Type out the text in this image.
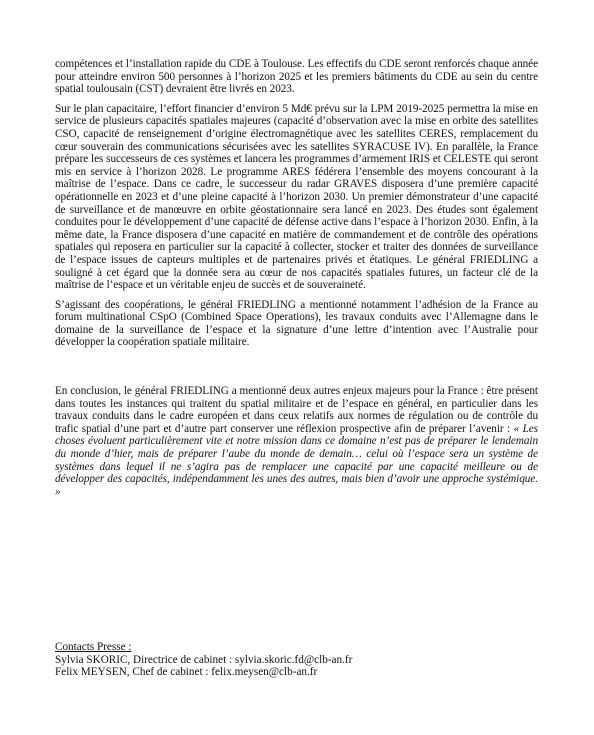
compétences et l’installation rapide du CDE à Toulouse. Les effectifs du CDE seront renforcés chaque année pour atteindre environ 500 personnes à l’horizon 2025 et les premiers bâtiments du CDE au sein du centre spatial toulousain (CST) devraient être livrés en 2023.

Sur le plan capacitaire, l’effort financier d’environ 5 Md€ prévu sur la LPM 2019-2025 permettra la mise en service de plusieurs capacités spatiales majeures (capacité d’observation avec la mise en orbite des satellites CSO, capacité de renseignement d’origine électromagnétique avec les satellites CERES, remplacement du cœur souverain des communications sécurisées avec les satellites SYRACUSE IV). En parallèle, la France prépare les successeurs de ces systèmes et lancera les programmes d’armement IRIS et CELESTE qui seront mis en service à l’horizon 2028. Le programme ARES fédérera l’ensemble des moyens concourant à la maîtrise de l’espace. Dans ce cadre, le successeur du radar GRAVES disposera d’une première capacité opérationnelle en 2023 et d’une pleine capacité à l’horizon 2030. Un premier démonstrateur d’une capacité de surveillance et de manœuvre en orbite géostationnaire sera lancé en 2023. Des études sont également conduites pour le développement d’une capacité de défense active dans l’espace à l’horizon 2030. Enfin, à la même date, la France disposera d’une capacité en matière de commandement et de contrôle des opérations spatiales qui reposera en particulier sur la capacité à collecter, stocker et traiter des données de surveillance de l’espace issues de capteurs multiples et de partenaires privés et étatiques. Le général FRIEDLING a souligné à cet égard que la donnée sera au cœur de nos capacités spatiales futures, un facteur clé de la maîtrise de l’espace et un véritable enjeu de succès et de souveraineté.

S’agissant des coopérations, le général FRIEDLING a mentionné notamment l’adhésion de la France au forum multinational CSpO (Combined Space Operations), les travaux conduits avec l’Allemagne dans le domaine de la surveillance de l’espace et la signature d’une lettre d’intention avec l’Australie pour développer la coopération spatiale militaire.

En conclusion, le général FRIEDLING a mentionné deux autres enjeux majeurs pour la France : être présent dans toutes les instances qui traitent du spatial militaire et de l’espace en général, en particulier dans les travaux conduits dans le cadre européen et dans ceux relatifs aux normes de régulation ou de contrôle du trafic spatial d’une part et d’autre part conserver une réflexion prospective afin de préparer l’avenir : « Les choses évoluent particulièrement vite et notre mission dans ce domaine n’est pas de préparer le lendemain du monde d’hier, mais de préparer l’aube du monde de demain… celui où l’espace sera un système de systèmes dans lequel il ne s’agira pas de remplacer une capacité par une capacité meilleure ou de développer des capacités, indépendamment les unes des autres, mais bien d’avoir une approche systémique. »

Contacts Presse :
Sylvia SKORIC, Directrice de cabinet : sylvia.skoric.fd@clb-an.fr
Felix MEYSEN, Chef de cabinet : felix.meysen@clb-an.fr
